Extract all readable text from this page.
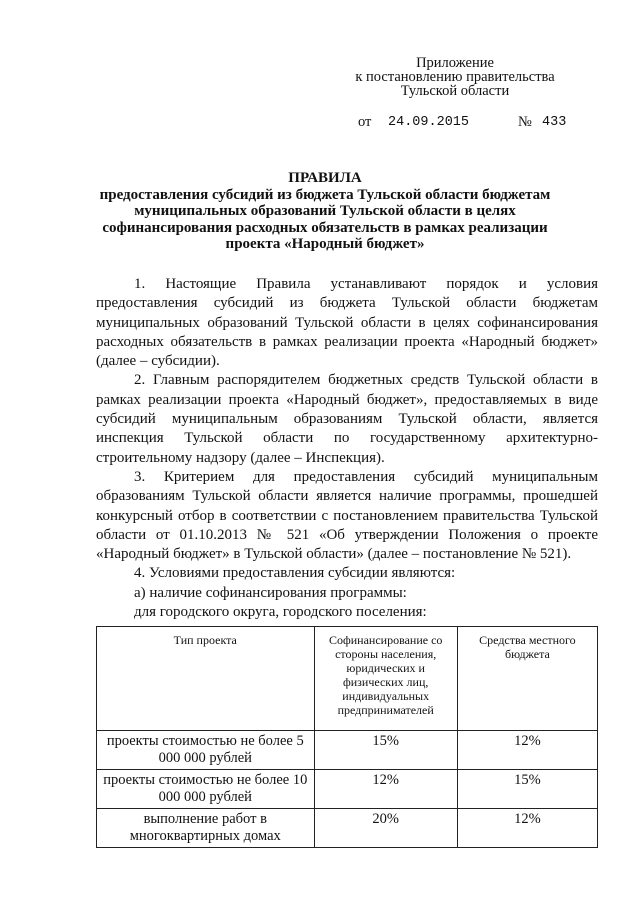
Приложение
к постановлению правительства
Тульской области
от 24.09.2015	№ 433
ПРАВИЛА
предоставления субсидий из бюджета Тульской области бюджетам муниципальных образований Тульской области в целях софинансирования расходных обязательств в рамках реализации проекта «Народный бюджет»

1. Настоящие Правила устанавливают порядок и условия предоставления субсидий из бюджета Тульской области бюджетам муниципальных образований Тульской области в целях софинансирования расходных обязательств в рамках реализации проекта «Народный бюджет» (далее – субсидии).

2. Главным распорядителем бюджетных средств Тульской области в рамках реализации проекта «Народный бюджет», предоставляемых в виде субсидий муниципальным образованиям Тульской области, является инспекция Тульской области по государственному архитектурно-строительному надзору (далее – Инспекция).

3. Критерием для предоставления субсидий муниципальным образованиям Тульской области является наличие программы, прошедшей конкурсный отбор в соответствии с постановлением правительства Тульской области от 01.10.2013 № 521 «Об утверждении Положения о проекте «Народный бюджет» в Тульской области» (далее – постановление № 521).

4. Условиями предоставления субсидии являются:

а) наличие софинансирования программы:

для городского округа, городского поселения:

Тип проекта	Софинансирование со стороны населения, юридических и физических лиц, индивидуальных предпринимателей	Средства местного бюджета
проекты стоимостью не более 5 000 000 рублей	15%	12%
проекты стоимостью не более 10 000 000 рублей	12%	15%
выполнение работ в многоквартирных домах	20%	12%
